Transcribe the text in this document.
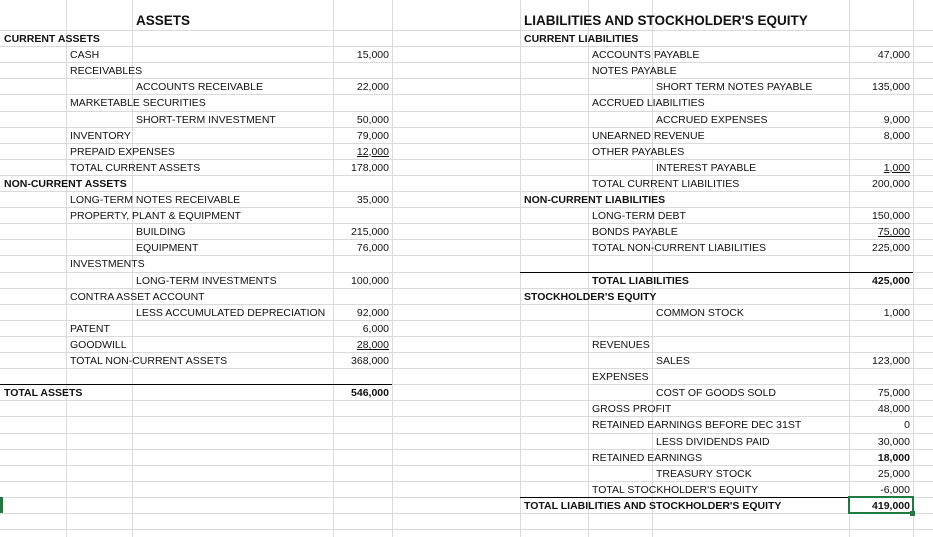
ASSETS	LIABILITIES AND STOCKHOLDER'S EQUITY
CURRENT ASSETS
CASH	15,000
RECEIVABLES
ACCOUNTS RECEIVABLE	22,000
MARKETABLE SECURITIES
SHORT-TERM INVESTMENT	50,000
INVENTORY	79,000
PREPAID EXPENSES	12,000
TOTAL CURRENT ASSETS	178,000
NON-CURRENT ASSETS
LONG-TERM NOTES RECEIVABLE	35,000
PROPERTY, PLANT & EQUIPMENT
BUILDING	215,000
EQUIPMENT	76,000
INVESTMENTS
LONG-TERM INVESTMENTS	100,000
CONTRA ASSET ACCOUNT
LESS ACCUMULATED DEPRECIATION	92,000
PATENT	6,000
GOODWILL	28,000
TOTAL NON-CURRENT ASSETS	368,000
TOTAL ASSETS	546,000
CURRENT LIABILITIES
ACCOUNTS PAYABLE	47,000
NOTES PAYABLE
SHORT TERM NOTES PAYABLE	135,000
ACCRUED LIABILITIES
ACCRUED EXPENSES	9,000
UNEARNED REVENUE	8,000
OTHER PAYABLES
INTEREST PAYABLE	1,000
TOTAL CURRENT LIABILITIES	200,000
NON-CURRENT LIABILITIES
LONG-TERM DEBT	150,000
BONDS PAYABLE	75,000
TOTAL NON-CURRENT LIABILITIES	225,000
TOTAL LIABILITIES	425,000
STOCKHOLDER'S EQUITY
COMMON STOCK	1,000
REVENUES
SALES	123,000
EXPENSES
COST OF GOODS SOLD	75,000
GROSS PROFIT	48,000
RETAINED EARNINGS BEFORE DEC 31ST	0
LESS DIVIDENDS PAID	30,000
RETAINED EARNINGS	18,000
TREASURY STOCK	25,000
TOTAL STOCKHOLDER'S EQUITY	-6,000
TOTAL LIABILITIES AND STOCKHOLDER'S EQUITY	419,000
